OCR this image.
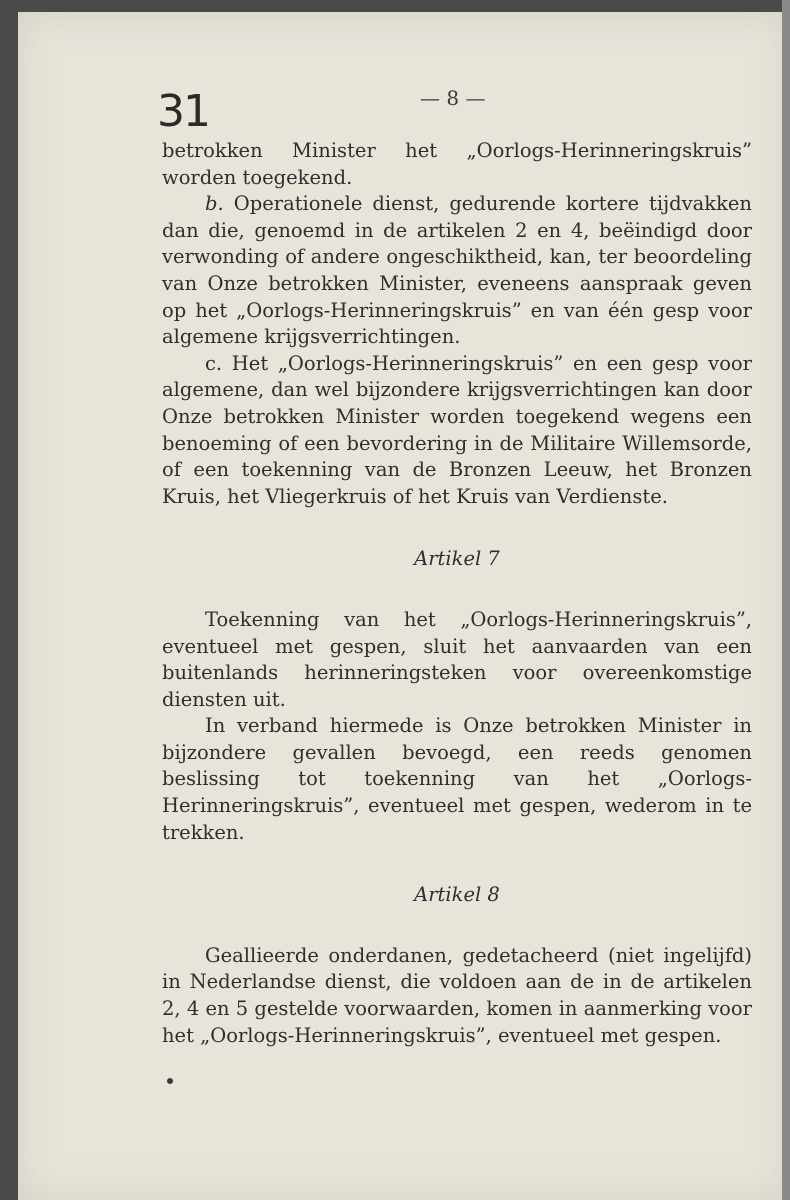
31	— 8 —

betrokken Minister het „Oorlogs-Herinneringskruis” worden toegekend.

b. Operationele dienst, gedurende kortere tijdvakken dan die, genoemd in de artikelen 2 en 4, beëindigd door verwonding of andere ongeschiktheid, kan, ter beoordeling van Onze betrokken Minister, eveneens aanspraak geven op het „Oorlogs-Herinneringskruis” en van één gesp voor algemene krijgsverrichtingen.

c. Het „Oorlogs-Herinneringskruis” en een gesp voor algemene, dan wel bijzondere krijgsverrichtingen kan door Onze betrokken Minister worden toegekend wegens een benoeming of een bevordering in de Militaire Willemsorde, of een toekenning van de Bronzen Leeuw, het Bronzen Kruis, het Vliegerkruis of het Kruis van Verdienste.

Artikel 7

Toekenning van het „Oorlogs-Herinneringskruis”, eventueel met gespen, sluit het aanvaarden van een buitenlands herinneringsteken voor overeenkomstige diensten uit.

In verband hiermede is Onze betrokken Minister in bijzondere gevallen bevoegd, een reeds genomen beslissing tot toekenning van het „Oorlogs-Herinneringskruis”, eventueel met gespen, wederom in te trekken.

Artikel 8

Geallieerde onderdanen, gedetacheerd (niet ingelijfd) in Nederlandse dienst, die voldoen aan de in de artikelen 2, 4 en 5 gestelde voorwaarden, komen in aanmerking voor het „Oorlogs-Herinneringskruis”, eventueel met gespen.
